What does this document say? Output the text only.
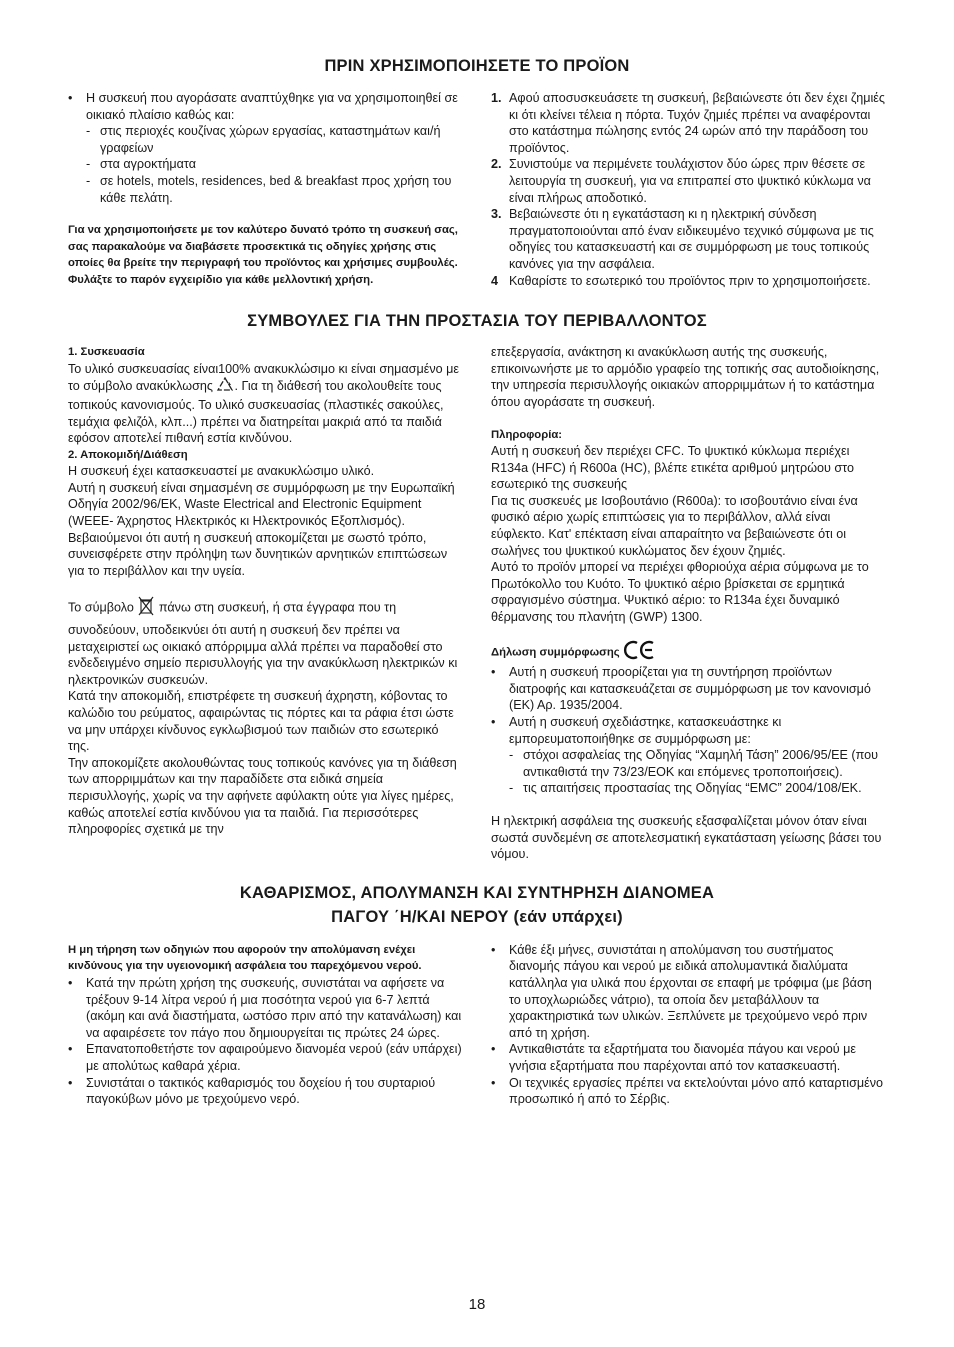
ΠΡΙΝ ΧΡΗΣΙΜΟΠΟΙΗΣΕΤΕ ΤΟ ΠΡΟΪΟΝ

• Η συσκευή που αγοράσατε αναπτύχθηκε για να χρησιμοποιηθεί σε οικιακό πλαίσιο καθώς και:

- στις περιοχές κουζίνας χώρων εργασίας, καταστημάτων και/ή γραφείων
- στα αγροκτήματα
- σε hotels, motels, residences, bed & breakfast προς χρήση του κάθε πελάτη.

Για να χρησιμοποιήσετε με τον καλύτερο δυνατό τρόπο τη συσκευή σας, σας παρακαλούμε να διαβάσετε προσεκτικά τις οδηγίες χρήσης στις οποίες θα βρείτε την περιγραφή του προϊόντος και χρήσιμες συμβουλές. Φυλάξτε το παρόν εγχειρίδιο για κάθε μελλοντική χρήση.

1. Αφού αποσυσκευάσετε τη συσκευή, βεβαιώνεστε ότι δεν έχει ζημιές κι ότι κλείνει τέλεια η πόρτα. Τυχόν ζημιές πρέπει να αναφέρονται στο κατάστημα πώλησης εντός 24 ωρών από την παράδοση του προϊόντος.
2. Συνιστούμε να περιμένετε τουλάχιστον δύο ώρες πριν θέσετε σε λειτουργία τη συσκευή, για να επιτραπεί στο ψυκτικό κύκλωμα να είναι πλήρως αποδοτικό.
3. Βεβαιώνεστε ότι η εγκατάσταση κι η ηλεκτρική σύνδεση πραγματοποιούνται από έναν ειδικευμένο τεχνικό σύμφωνα με τις οδηγίες του κατασκευαστή και σε συμμόρφωση με τους τοπικούς κανόνες για την ασφάλεια.
4 Καθαρίστε το εσωτερικό του προϊόντος πριν το χρησιμοποιήσετε.
ΣΥΜΒΟΥΛΕΣ ΓΙΑ ΤΗΝ ΠΡΟΣΤΑΣΙΑ ΤΟΥ ΠΕΡΙΒΑΛΛΟΝΤΟΣ

1. Συσκευασία

Το υλικό συσκευασίας είναι100% ανακυκλώσιμο κι είναι σημασμένο με το σύμβολο ανακύκλωσης . Για τη διάθεσή του ακολουθείτε τους τοπικούς κανονισμούς. Το υλικό συσκευασίας (πλαστικές σακούλες, τεμάχια φελιζόλ, κλπ...) πρέπει να διατηρείται μακριά από τα παιδιά εφόσον αποτελεί πιθανή εστία κινδύνου.

2. Αποκομιδή/Διάθεση

Η συσκευή έχει κατασκευαστεί με ανακυκλώσιμο υλικό.

Αυτή η συσκευή είναι σημασμένη σε συμμόρφωση με την Ευρωπαϊκή Οδηγία 2002/96/ΕΚ, Waste Electrical and Electronic Equipment (WEEE- Άχρηστος Ηλεκτρικός κι Ηλεκτρονικός Εξοπλισμός). Βεβαιούμενοι ότι αυτή η συσκευή αποκομίζεται με σωστό τρόπο, συνεισφέρετε στην πρόληψη των δυνητικών αρνητικών επιπτώσεων για το περιβάλλον και την υγεία.

Το σύμβολο πάνω στη συσκευή, ή στα έγγραφα που τη συνοδεύουν, υποδεικνύει ότι αυτή η συσκευή δεν πρέπει να μεταχειριστεί ως οικιακό απόρριμμα αλλά πρέπει να παραδοθεί στο ενδεδειγμένο σημείο περισυλλογής για την ανακύκλωση ηλεκτρικών κι ηλεκτρονικών συσκευών.

Κατά την αποκομιδή, επιστρέφετε τη συσκευή άχρηστη, κόβοντας το καλώδιο του ρεύματος, αφαιρώντας τις πόρτες και τα ράφια έτσι ώστε να μην υπάρχει κίνδυνος εγκλωβισμού των παιδιών στο εσωτερικό της.

Την αποκομίζετε ακολουθώντας τους τοπικούς κανόνες για τη διάθεση των απορριμμάτων και την παραδίδετε στα ειδικά σημεία περισυλλογής, χωρίς να την αφήνετε αφύλακτη ούτε για λίγες ημέρες, καθώς αποτελεί εστία κινδύνου για τα παιδιά. Για περισσότερες πληροφορίες σχετικά με την

επεξεργασία, ανάκτηση κι ανακύκλωση αυτής της συσκευής, επικοινωνήστε με το αρμόδιο γραφείο της τοπικής σας αυτοδιοίκησης, την υπηρεσία περισυλλογής οικιακών απορριμμάτων ή το κατάστημα όπου αγοράσατε τη συσκευή.

Πληροφορία:

Αυτή η συσκευή δεν περιέχει CFC. Το ψυκτικό κύκλωμα περιέχει R134a (HFC) ή R600a (HC), βλέπε ετικέτα αριθμού μητρώου στο εσωτερικό της συσκευής

Για τις συσκευές με Ισοβουτάνιο (R600a): το ισοβουτάνιο είναι ένα φυσικό αέριο χωρίς επιπτώσεις για το περιβάλλον, αλλά είναι εύφλεκτο. Κατ' επέκταση είναι απαραίτητο να βεβαιώνεστε ότι οι σωλήνες του ψυκτικού κυκλώματος δεν έχουν ζημιές.

Αυτό το προϊόν μπορεί να περιέχει φθοριούχα αέρια σύμφωνα με το Πρωτόκολλο του Κυότο. Το ψυκτικό αέριο βρίσκεται σε ερμητικά σφραγισμένο σύστημα. Ψυκτικό αέριο: το R134a έχει δυναμικό θέρμανσης του πλανήτη (GWP) 1300.

Δήλωση συμμόρφωσης

• Αυτή η συσκευή προορίζεται για τη συντήρηση προϊόντων διατροφής και κατασκευάζεται σε συμμόρφωση με τον κανονισμό (ΕΚ) Αρ. 1935/2004.
• Αυτή η συσκευή σχεδιάστηκε, κατασκευάστηκε κι εμπορευματοποιήθηκε σε συμμόρφωση με:
- στόχοι ασφαλείας της Οδηγίας “Χαμηλή Τάση” 2006/95/ΕΕ (που αντικαθιστά την 73/23/ΕΟΚ και επόμενες τροποποιήσεις).
- τις απαιτήσεις προστασίας της Οδηγίας “EMC” 2004/108/ΕΚ.

Η ηλεκτρική ασφάλεια της συσκευής εξασφαλίζεται μόνον όταν είναι σωστά συνδεμένη σε αποτελεσματική εγκατάσταση γείωσης βάσει του νόμου.

ΚΑΘΑΡΙΣΜΟΣ, ΑΠΟΛΥΜΑΝΣΗ ΚΑΙ ΣΥΝΤΗΡΗΣΗ ΔΙΑΝΟΜΕΑ
ΠΑΓΟΥ ΄Η/ΚΑΙ ΝΕΡΟΥ (εάν υπάρχει)

Η μη τήρηση των οδηγιών που αφορούν την απολύμανση ενέχει κινδύνους για την υγειονομική ασφάλεια του παρεχόμενου νερού.

• Κατά την πρώτη χρήση της συσκευής, συνιστάται να αφήσετε να τρέξουν 9-14 λίτρα νερού ή μια ποσότητα νερού για 6-7 λεπτά (ακόμη και ανά διαστήματα, ωστόσο πριν από την κατανάλωση) και να αφαιρέσετε τον πάγο που δημιουργείται τις πρώτες 24 ώρες.
• Επανατοποθετήστε τον αφαιρούμενο διανομέα νερού (εάν υπάρχει) με απολύτως καθαρά χέρια.
• Συνιστάται ο τακτικός καθαρισμός του δοχείου ή του συρταριού παγοκύβων μόνο με τρεχούμενο νερό.
• Κάθε έξι μήνες, συνιστάται η απολύμανση του συστήματος διανομής πάγου και νερού με ειδικά απολυμαντικά διαλύματα κατάλληλα για υλικά που έρχονται σε επαφή με τρόφιμα (με βάση το υποχλωριώδες νάτριο), τα οποία δεν μεταβάλλουν τα χαρακτηριστικά των υλικών. Ξεπλύνετε με τρεχούμενο νερό πριν από τη χρήση.
• Αντικαθιστάτε τα εξαρτήματα του διανομέα πάγου και νερού με γνήσια εξαρτήματα που παρέχονται από τον κατασκευαστή.
• Οι τεχνικές εργασίες πρέπει να εκτελούνται μόνο από καταρτισμένο προσωπικό ή από το Σέρβις.
18
